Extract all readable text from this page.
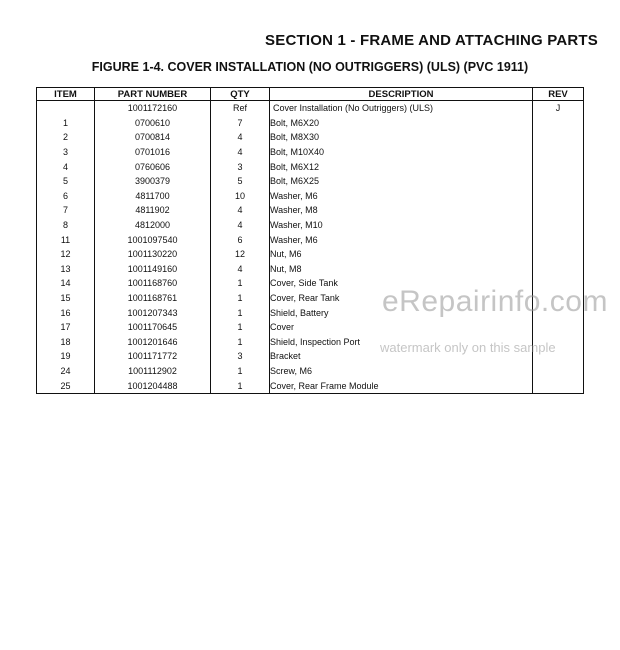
SECTION 1 - FRAME AND ATTACHING PARTS
FIGURE 1-4. COVER INSTALLATION (NO OUTRIGGERS) (ULS) (PVC 1911)
ITEM	PART NUMBER	QTY	DESCRIPTION	REV
	1001172160	Ref	Cover Installation (No Outriggers) (ULS)	J
1	0700610	7	Bolt, M6X20	
2	0700814	4	Bolt, M8X30	
3	0701016	4	Bolt, M10X40	
4	0760606	3	Bolt, M6X12	
5	3900379	5	Bolt, M6X25	
6	4811700	10	Washer, M6	
7	4811902	4	Washer, M8	
8	4812000	4	Washer, M10	
11	1001097540	6	Washer, M6	
12	1001130220	12	Nut, M6	
13	1001149160	4	Nut, M8	
14	1001168760	1	Cover, Side Tank	
15	1001168761	1	Cover, Rear Tank	
16	1001207343	1	Shield, Battery	
17	1001170645	1	Cover	
18	1001201646	1	Shield, Inspection Port	
19	1001171772	3	Bracket	
24	1001112902	1	Screw, M6	
25	1001204488	1	Cover, Rear Frame Module	
eRepairinfo.com
watermark only on this sample
